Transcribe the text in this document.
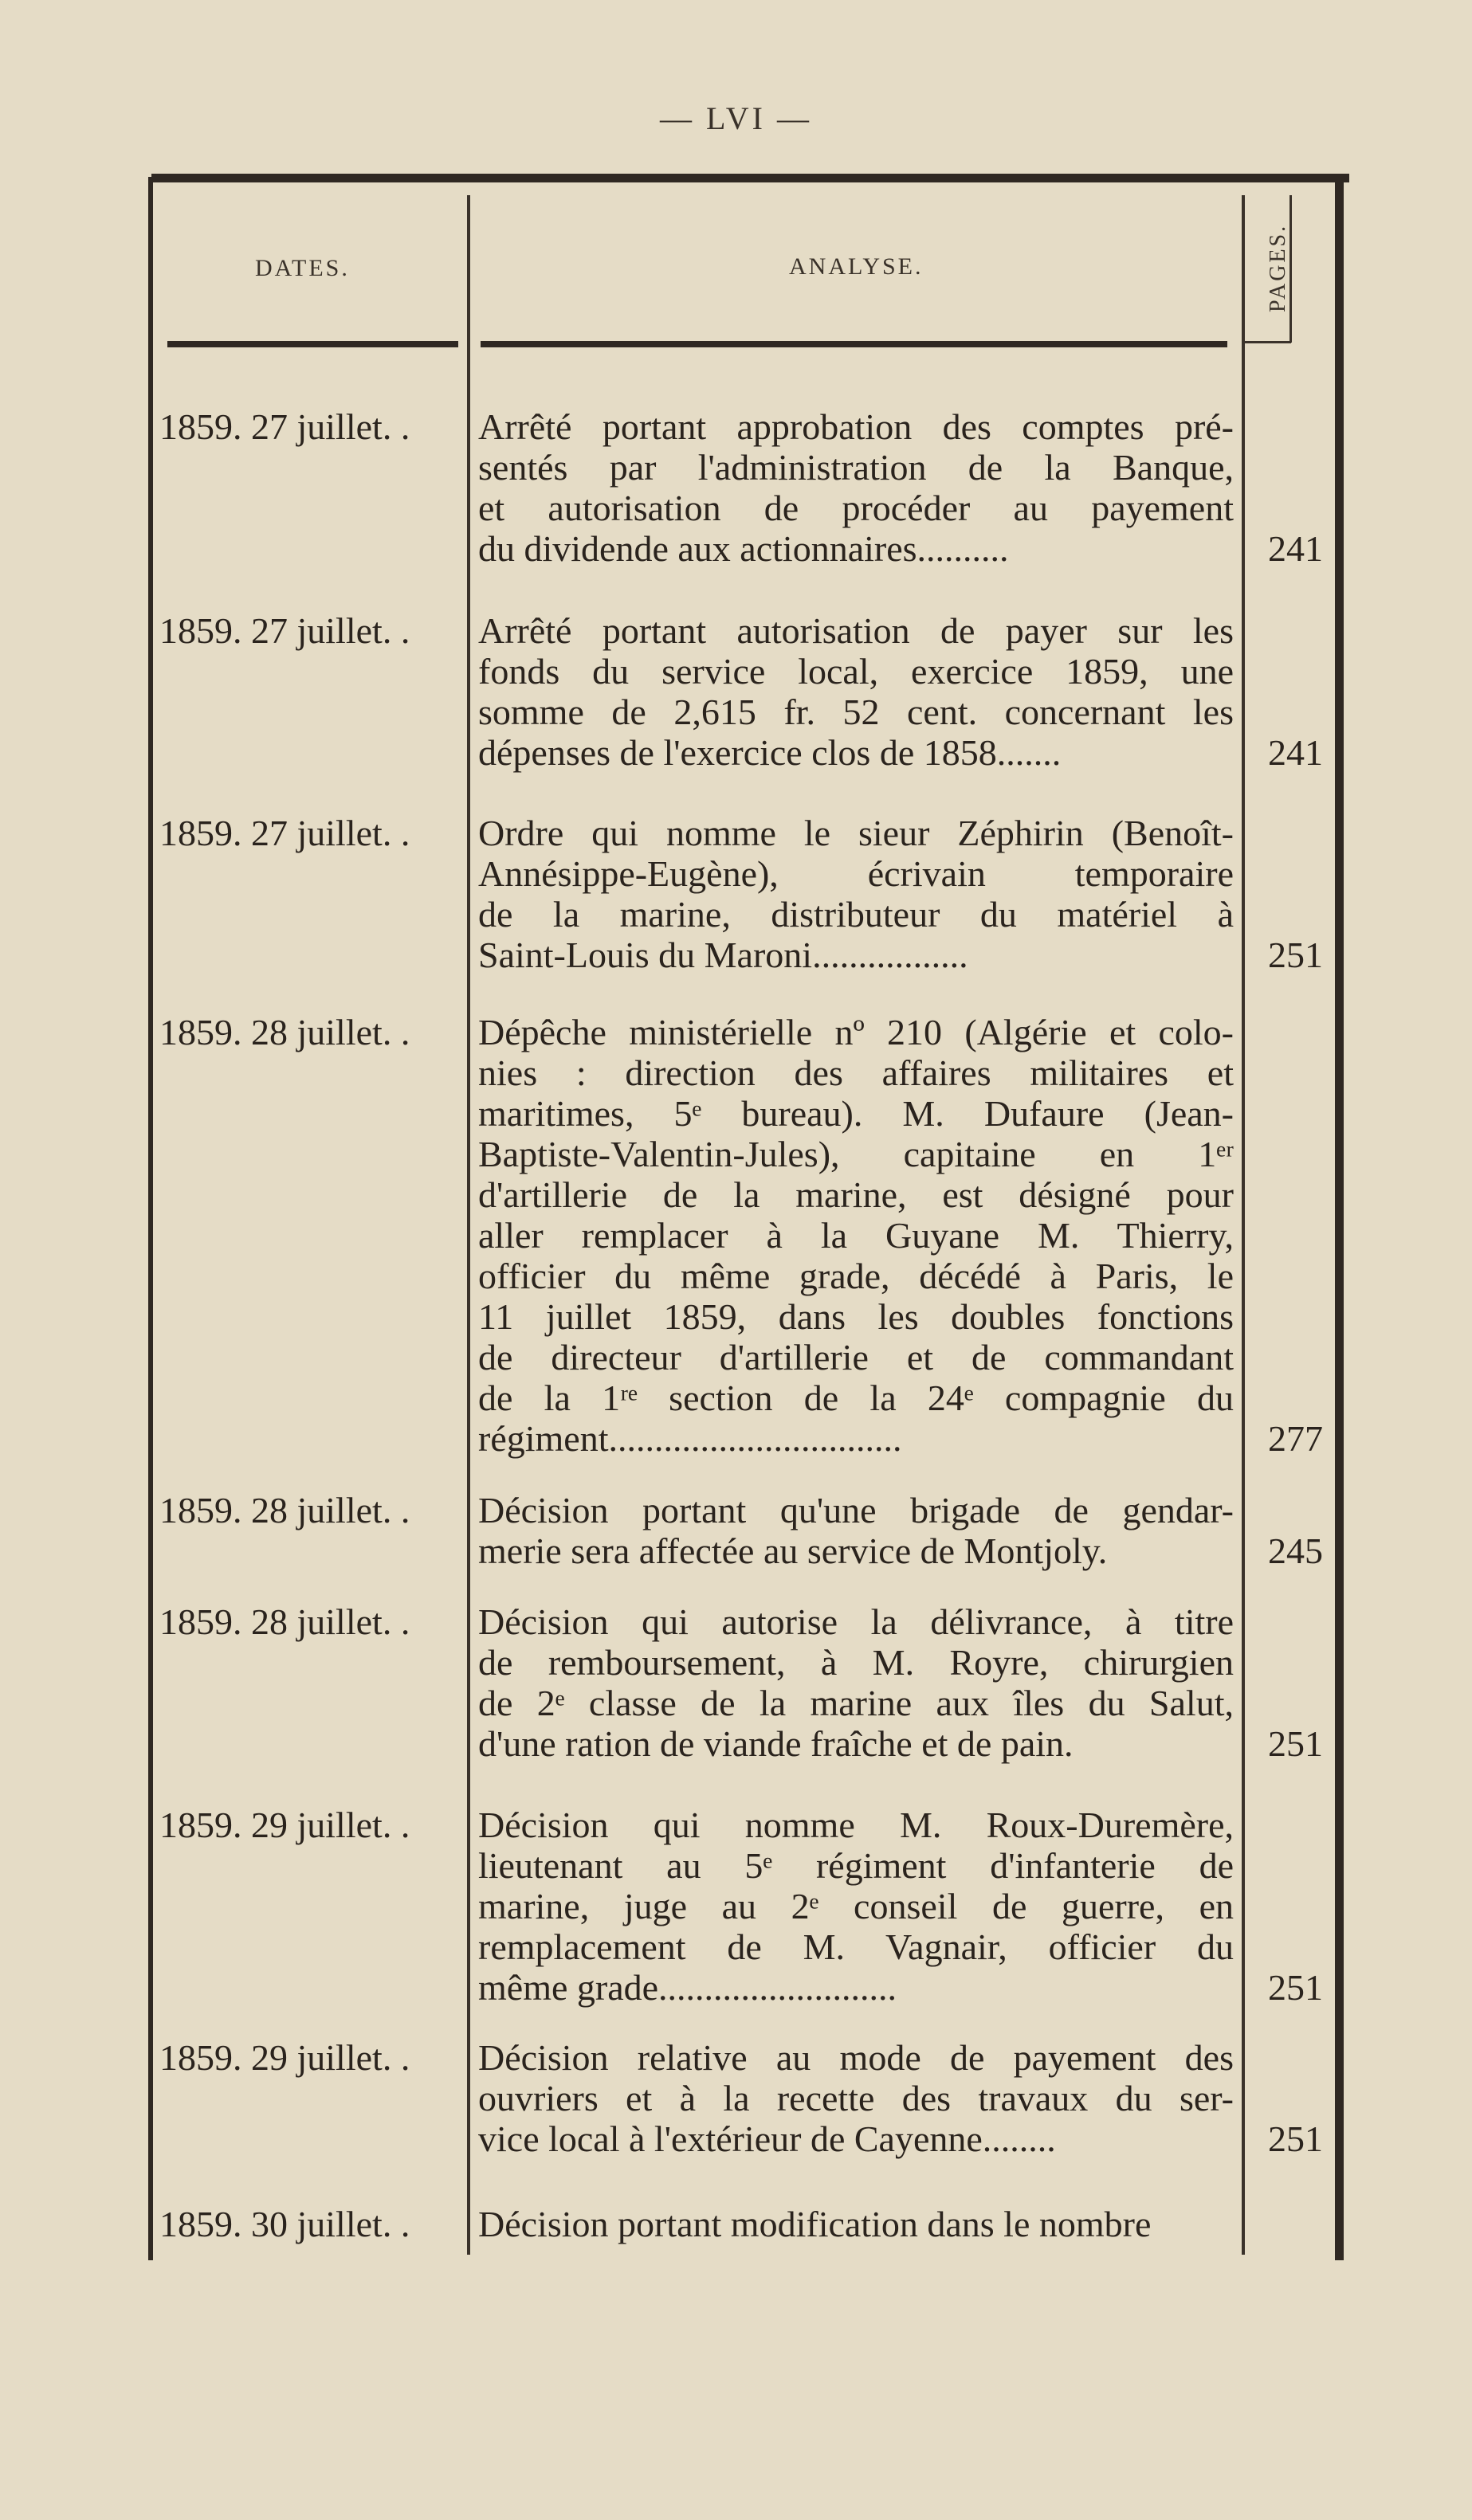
— LVI —
DATES.	ANALYSE.	PAGES.
1859. 27 juillet. .	Arrêté portant approbation des comptes pré-
sentés par l'administration de la Banque,
et autorisation de procéder au payement
du dividende aux actionnaires..........	241
1859. 27 juillet. .	Arrêté portant autorisation de payer sur les
fonds du service local, exercice 1859, une
somme de 2,615 fr. 52 cent. concernant les
dépenses de l'exercice clos de 1858.......	241
1859. 27 juillet. .	Ordre qui nomme le sieur Zéphirin (Benoît-
Annésippe-Eugène), écrivain temporaire
de la marine, distributeur du matériel à
Saint-Louis du Maroni.................	251
1859. 28 juillet. .	Dépêche ministérielle nº 210 (Algérie et colo-
nies : direction des affaires militaires et
maritimes, 5ᵉ bureau). M. Dufaure (Jean-
Baptiste-Valentin-Jules), capitaine en 1ᵉʳ
d'artillerie de la marine, est désigné pour
aller remplacer à la Guyane M. Thierry,
officier du même grade, décédé à Paris, le
11 juillet 1859, dans les doubles fonctions
de directeur d'artillerie et de commandant
de la 1ʳᵉ section de la 24ᵉ compagnie du
régiment................................	277
1859. 28 juillet. .	Décision portant qu'une brigade de gendar-
merie sera affectée au service de Montjoly.	245
1859. 28 juillet. .	Décision qui autorise la délivrance, à titre
de remboursement, à M. Royre, chirurgien
de 2ᵉ classe de la marine aux îles du Salut,
d'une ration de viande fraîche et de pain.	251
1859. 29 juillet. .	Décision qui nomme M. Roux-Duremère,
lieutenant au 5ᵉ régiment d'infanterie de
marine, juge au 2ᵉ conseil de guerre, en
remplacement de M. Vagnair, officier du
même grade..........................	251
1859. 29 juillet. .	Décision relative au mode de payement des
ouvriers et à la recette des travaux du ser-
vice local à l'extérieur de Cayenne........	251
1859. 30 juillet. .	Décision portant modification dans le nombre
